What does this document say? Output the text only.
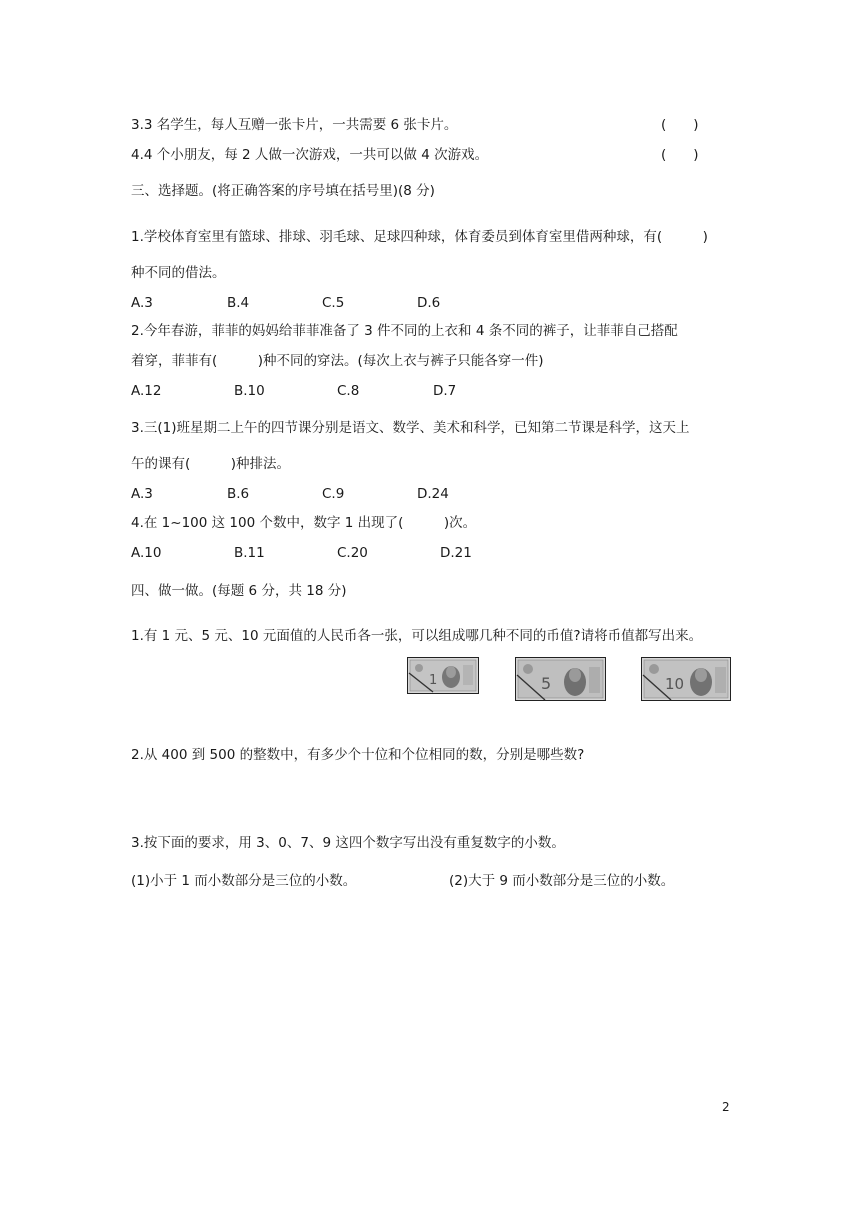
3.3 名学生，每人互赠一张卡片，一共需要 6 张卡片。	(　　)
4.4 个小朋友，每 2 人做一次游戏，一共可以做 4 次游戏。	(　　)
三、选择题。(将正确答案的序号填在括号里)(8 分)
1.学校体育室里有篮球、排球、羽毛球、足球四种球，体育委员到体育室里借两种球，有(　　　)
种不同的借法。
A.3	B.4	C.5	D.6
2.今年春游，菲菲的妈妈给菲菲准备了 3 件不同的上衣和 4 条不同的裤子，让菲菲自己搭配
着穿，菲菲有(　　　)种不同的穿法。(每次上衣与裤子只能各穿一件)
A.12	B.10	C.8	D.7
3.三(1)班星期二上午的四节课分别是语文、数学、美术和科学，已知第二节课是科学，这天上
午的课有(　　　)种排法。
A.3	B.6	C.9	D.24
4.在 1~100 这 100 个数中，数字 1 出现了(　　　)次。
A.10	B.11	C.20	D.21
四、做一做。(每题 6 分，共 18 分)
1.有 1 元、5 元、10 元面值的人民币各一张，可以组成哪几种不同的币值?请将币值都写出来。
1	5	10
2.从 400 到 500 的整数中，有多少个十位和个位相同的数，分别是哪些数?
3.按下面的要求，用 3、0、7、9 这四个数字写出没有重复数字的小数。
(1)小于 1 而小数部分是三位的小数。	(2)大于 9 而小数部分是三位的小数。
2
